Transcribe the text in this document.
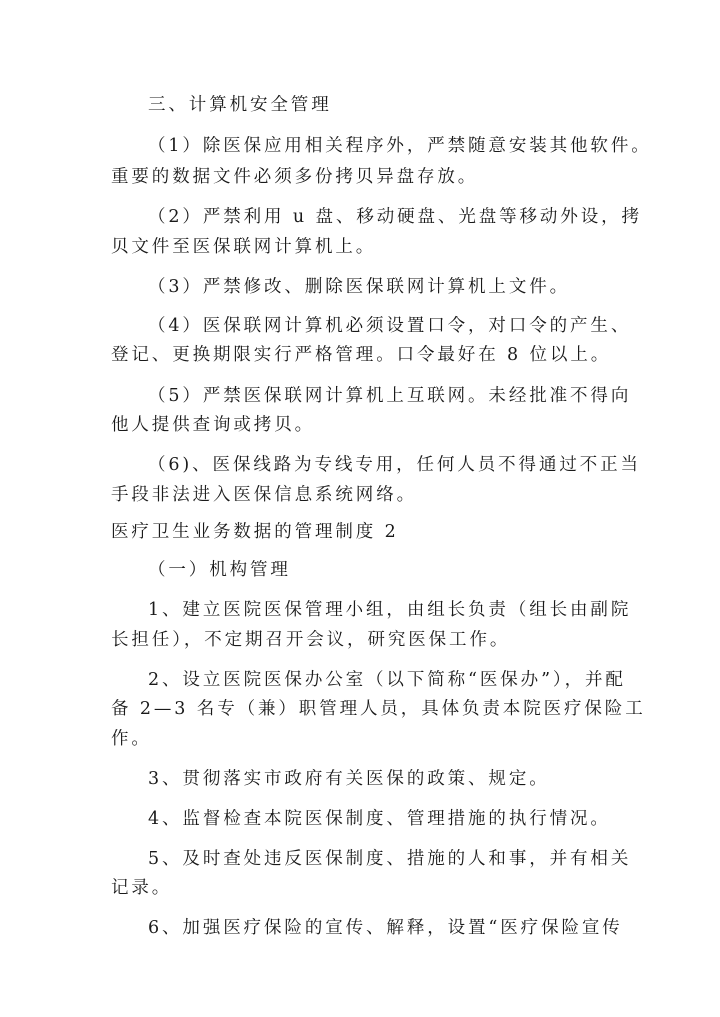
三、计算机安全管理
（1）除医保应用相关程序外，严禁随意安装其他软件。
重要的数据文件必须多份拷贝异盘存放。
（2）严禁利用 u 盘、移动硬盘、光盘等移动外设，拷
贝文件至医保联网计算机上。
（3）严禁修改、删除医保联网计算机上文件。
（4）医保联网计算机必须设置口令，对口令的产生、
登记、更换期限实行严格管理。口令最好在 8 位以上。
（5）严禁医保联网计算机上互联网。未经批准不得向
他人提供查询或拷贝。
（6)、医保线路为专线专用，任何人员不得通过不正当
手段非法进入医保信息系统网络。
医疗卫生业务数据的管理制度 2
（一）机构管理
1、建立医院医保管理小组，由组长负责（组长由副院
长担任），不定期召开会议，研究医保工作。
2、设立医院医保办公室（以下简称“医保办”），并配
备 2—3 名专（兼）职管理人员，具体负责本院医疗保险工
作。
3、贯彻落实市政府有关医保的政策、规定。
4、监督检查本院医保制度、管理措施的执行情况。
5、及时查处违反医保制度、措施的人和事，并有相关
记录。
6、加强医疗保险的宣传、解释，设置“医疗保险宣传
